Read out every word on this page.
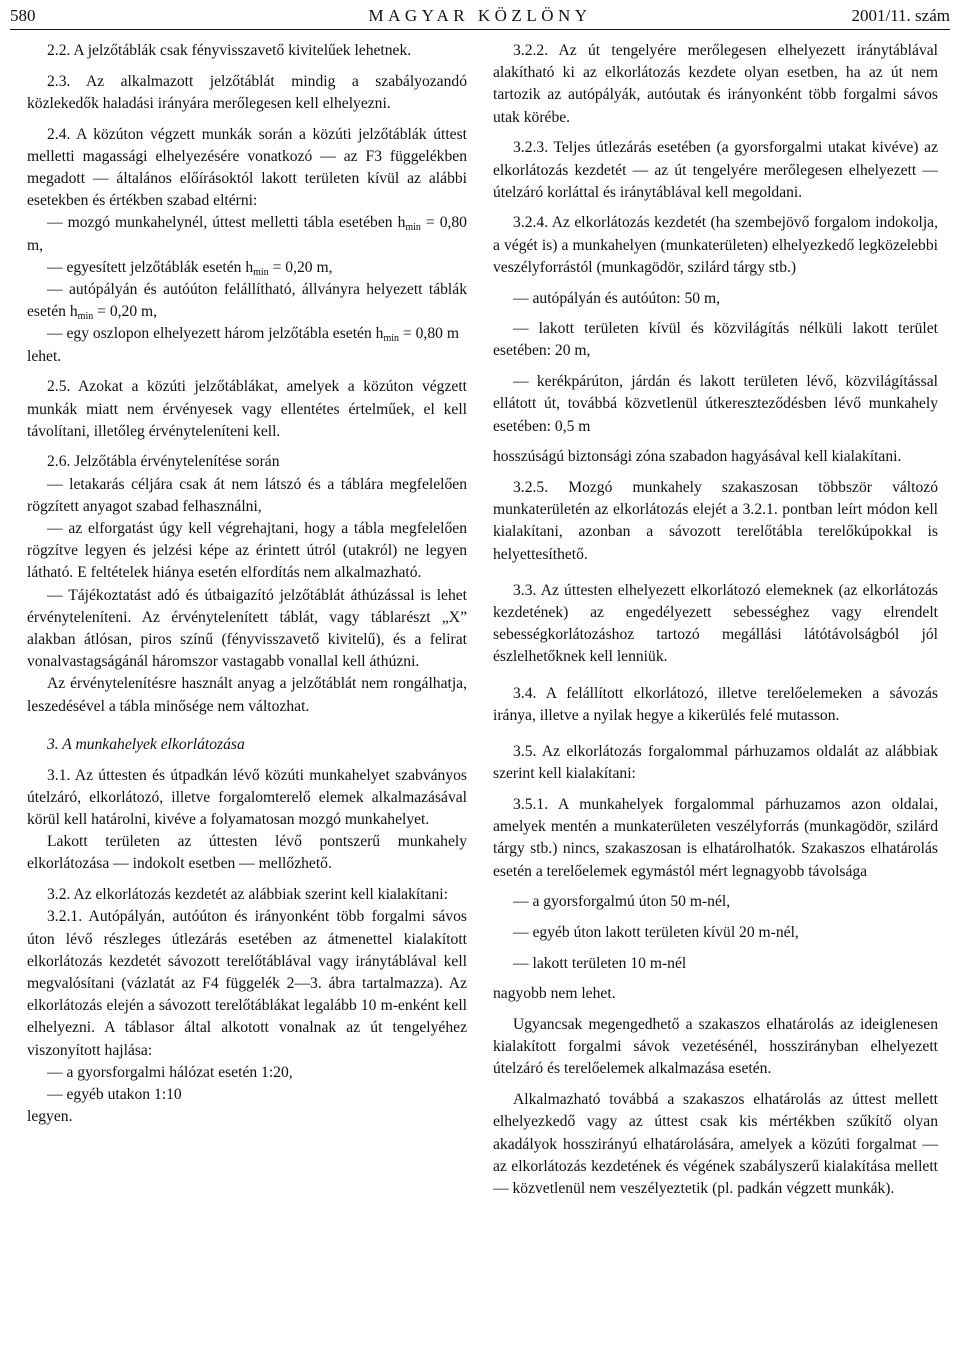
580	MAGYAR KÖZLÖNY	2001/11. szám

2.2. A jelzőtáblák csak fényvisszavető kivitelűek lehetnek.

2.3. Az alkalmazott jelzőtáblát mindig a szabályozandó közlekedők haladási irányára merőlegesen kell elhelyezni.

2.4. A közúton végzett munkák során a közúti jelzőtáblák úttest melletti magassági elhelyezésére vonatkozó — az F3 függelékben megadott — általános előírásoktól lakott területen kívül az alábbi esetekben és értékben szabad eltérni:

— mozgó munkahelynél, úttest melletti tábla esetében $h_{min} = 0,80$ m,

— egyesített jelzőtáblák esetén $h_{min} = 0,20$ m,

— autópályán és autóúton felállítható, állványra helyezett táblák esetén $h_{min} = 0,20$ m,

— egy oszlopon elhelyezett három jelzőtábla esetén $h_{min} = 0,80$ m

lehet.

2.5. Azokat a közúti jelzőtáblákat, amelyek a közúton végzett munkák miatt nem érvényesek vagy ellentétes értelműek, el kell távolítani, illetőleg érvényteleníteni kell.

2.6. Jelzőtábla érvénytelenítése során

— letakarás céljára csak át nem látszó és a táblára megfelelően rögzített anyagot szabad felhasználni,

— az elforgatást úgy kell végrehajtani, hogy a tábla megfelelően rögzítve legyen és jelzési képe az érintett útról (utakról) ne legyen látható. E feltételek hiánya esetén elfordítás nem alkalmazható.

— Tájékoztatást adó és útbaigazító jelzőtáblát áthúzással is lehet érvényteleníteni. Az érvénytelenített táblát, vagy táblarészt „X” alakban átlósan, piros színű (fényvisszavető kivitelű), és a felirat vonalvastagságánál háromszor vastagabb vonallal kell áthúzni.

Az érvénytelenítésre használt anyag a jelzőtáblát nem rongálhatja, leszedésével a tábla minősége nem változhat.

3. A munkahelyek elkorlátozása

3.1. Az úttesten és útpadkán lévő közúti munkahelyet szabványos útelzáró, elkorlátozó, illetve forgalomterelő elemek alkalmazásával körül kell határolni, kivéve a folyamatosan mozgó munkahelyet.

Lakott területen az úttesten lévő pontszerű munkahely elkorlátozása — indokolt esetben — mellőzhető.

3.2. Az elkorlátozás kezdetét az alábbiak szerint kell kialakítani:

3.2.1. Autópályán, autóúton és irányonként több forgalmi sávos úton lévő részleges útlezárás esetében az átmenettel kialakított elkorlátozás kezdetét sávozott terelőtáblával vagy iránytáblával kell megvalósítani (vázlatát az F4 függelék 2—3. ábra tartalmazza). Az elkorlátozás elején a sávozott terelőtáblákat legalább 10 m-enként kell elhelyezni. A táblasor által alkotott vonalnak az út tengelyéhez viszonyított hajlása:

— a gyorsforgalmi hálózat esetén 1:20,

— egyéb utakon 1:10

legyen.

3.2.2. Az út tengelyére merőlegesen elhelyezett iránytáblával alakítható ki az elkorlátozás kezdete olyan esetben, ha az út nem tartozik az autópályák, autóutak és irányonként több forgalmi sávos utak körébe.

3.2.3. Teljes útlezárás esetében (a gyorsforgalmi utakat kivéve) az elkorlátozás kezdetét — az út tengelyére merőlegesen elhelyezett — útelzáró korláttal és iránytáblával kell megoldani.

3.2.4. Az elkorlátozás kezdetét (ha szembejövő forgalom indokolja, a végét is) a munkahelyen (munkaterületen) elhelyezkedő legközelebbi veszélyforrástól (munkagödör, szilárd tárgy stb.)

— autópályán és autóúton: 50 m,

— lakott területen kívül és közvilágítás nélküli lakott terület esetében: 20 m,

— kerékpárúton, járdán és lakott területen lévő, közvilágítással ellátott út, továbbá közvetlenül útkereszteződésben lévő munkahely esetében: 0,5 m

hosszúságú biztonsági zóna szabadon hagyásával kell kialakítani.

3.2.5. Mozgó munkahely szakaszosan többször változó munkaterületén az elkorlátozás elejét a 3.2.1. pontban leírt módon kell kialakítani, azonban a sávozott terelőtábla terelőkúpokkal is helyettesíthető.

3.3. Az úttesten elhelyezett elkorlátozó elemeknek (az elkorlátozás kezdetének) az engedélyezett sebességhez vagy elrendelt sebességkorlátozáshoz tartozó megállási látótávolságból jól észlelhetőknek kell lenniük.

3.4. A felállított elkorlátozó, illetve terelőelemeken a sávozás iránya, illetve a nyilak hegye a kikerülés felé mutasson.

3.5. Az elkorlátozás forgalommal párhuzamos oldalát az alábbiak szerint kell kialakítani:

3.5.1. A munkahelyek forgalommal párhuzamos azon oldalai, amelyek mentén a munkaterületen veszélyforrás (munkagödör, szilárd tárgy stb.) nincs, szakaszosan is elhatárolhatók. Szakaszos elhatárolás esetén a terelőelemek egymástól mért legnagyobb távolsága

— a gyorsforgalmú úton 50 m-nél,

— egyéb úton lakott területen kívül 20 m-nél,

— lakott területen 10 m-nél

nagyobb nem lehet.

Ugyancsak megengedhető a szakaszos elhatárolás az ideiglenesen kialakított forgalmi sávok vezetésénél, hosszirányban elhelyezett útelzáró és terelőelemek alkalmazása esetén.

Alkalmazható továbbá a szakaszos elhatárolás az úttest mellett elhelyezkedő vagy az úttest csak kis mértékben szűkítő olyan akadályok hosszirányú elhatárolására, amelyek a közúti forgalmat — az elkorlátozás kezdetének és végének szabályszerű kialakítása mellett — közvetlenül nem veszélyeztetik (pl. padkán végzett munkák).
